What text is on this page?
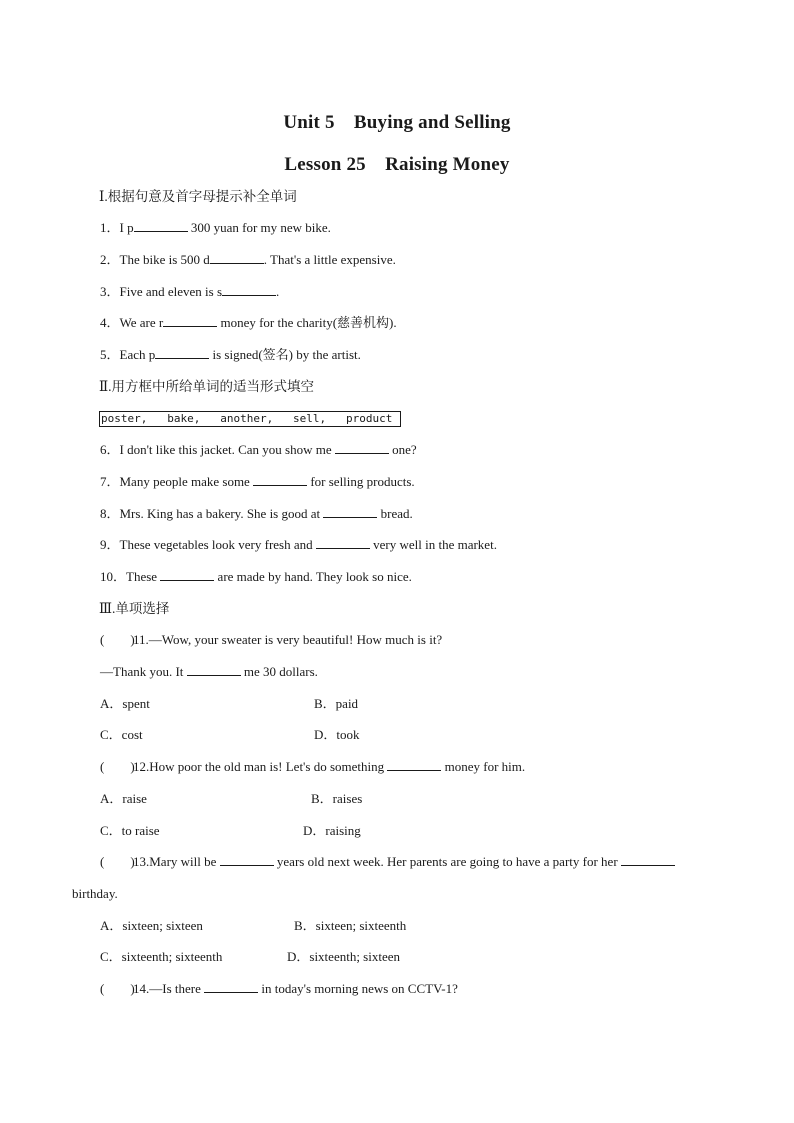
Unit 5　Buying and Selling
Lesson 25　Raising Money
Ⅰ.根据句意及首字母提示补全单词
1．I p	300 yuan for my new bike.
2．The bike is 500 d	. That's a little expensive.
3．Five and eleven is s	.
4．We are r	money for the charity(慈善机构).
5．Each p	is signed(签名) by the artist.
Ⅱ.用方框中所给单词的适当形式填空
poster,   bake,   another,   sell,   product
6．I don't like this jacket. Can you show me	one?
7．Many people make some	for selling products.
8．Mrs. King has a bakery. She is good at	bread.
9．These vegetables look very fresh and	very well in the market.
10．These	are made by hand. They look so nice.
Ⅲ.单项选择
(　　)11.—Wow, your sweater is very beautiful! How much is it?
—Thank you. It	me 30 dollars.
A．spent	B．paid
C．cost	D．took
(　　)12.How poor the old man is! Let's do something	money for him.
A．raise	B．raises
C．to raise	D．raising
(　　)13.Mary will be	years old next week. Her parents are going to have a party for her
birthday.
A．sixteen; sixteen	B．sixteen; sixteenth
C．sixteenth; sixteenth	D．sixteenth; sixteen
(　　)14.—Is there	in today's morning news on CCTV-1?
